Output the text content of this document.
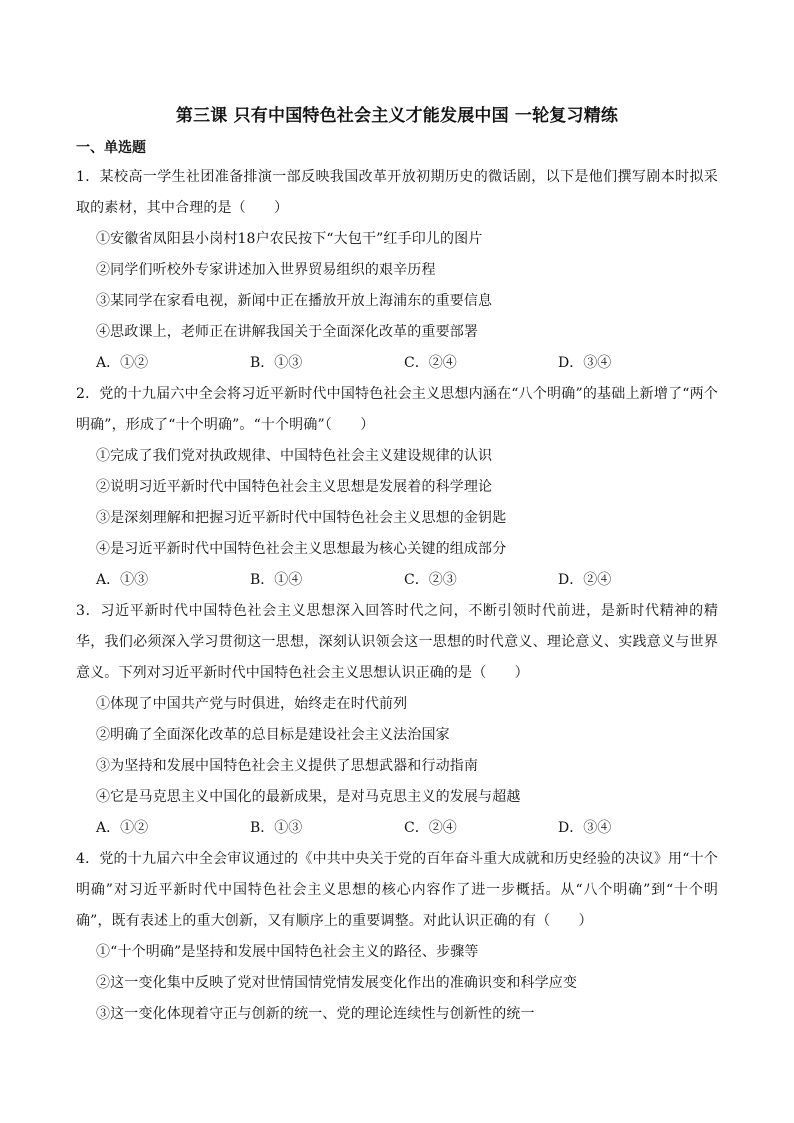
第三课 只有中国特色社会主义才能发展中国 一轮复习精练
一、单选题

1．某校高一学生社团准备排演一部反映我国改革开放初期历史的微话剧，以下是他们撰写剧本时拟采取的素材，其中合理的是（　　）

①安徽省凤阳县小岗村18户农民按下“大包干”红手印儿的图片

②同学们听校外专家讲述加入世界贸易组织的艰辛历程

③某同学在家看电视，新闻中正在播放开放上海浦东的重要信息

④思政课上，老师正在讲解我国关于全面深化改革的重要部署

A．①②	B．①③	C．②④	D．③④

2．党的十九届六中全会将习近平新时代中国特色社会主义思想内涵在“八个明确”的基础上新增了“两个明确”，形成了“十个明确”。“十个明确”（　　）

①完成了我们党对执政规律、中国特色社会主义建设规律的认识

②说明习近平新时代中国特色社会主义思想是发展着的科学理论

③是深刻理解和把握习近平新时代中国特色社会主义思想的金钥匙

④是习近平新时代中国特色社会主义思想最为核心关键的组成部分

A．①③	B．①④	C．②③	D．②④

3．习近平新时代中国特色社会主义思想深入回答时代之问，不断引领时代前进，是新时代精神的精华，我们必须深入学习贯彻这一思想，深刻认识领会这一思想的时代意义、理论意义、实践意义与世界意义。下列对习近平新时代中国特色社会主义思想认识正确的是（　　）

①体现了中国共产党与时俱进，始终走在时代前列

②明确了全面深化改革的总目标是建设社会主义法治国家

③为坚持和发展中国特色社会主义提供了思想武器和行动指南

④它是马克思主义中国化的最新成果，是对马克思主义的发展与超越

A．①②	B．①③	C．②④	D．③④

4．党的十九届六中全会审议通过的《中共中央关于党的百年奋斗重大成就和历史经验的决议》用“十个明确”对习近平新时代中国特色社会主义思想的核心内容作了进一步概括。从“八个明确”到“十个明确”，既有表述上的重大创新，又有顺序上的重要调整。对此认识正确的有（　　）

①“十个明确”是坚持和发展中国特色社会主义的路径、步骤等

②这一变化集中反映了党对世情国情党情发展变化作出的准确识变和科学应变

③这一变化体现着守正与创新的统一、党的理论连续性与创新性的统一
